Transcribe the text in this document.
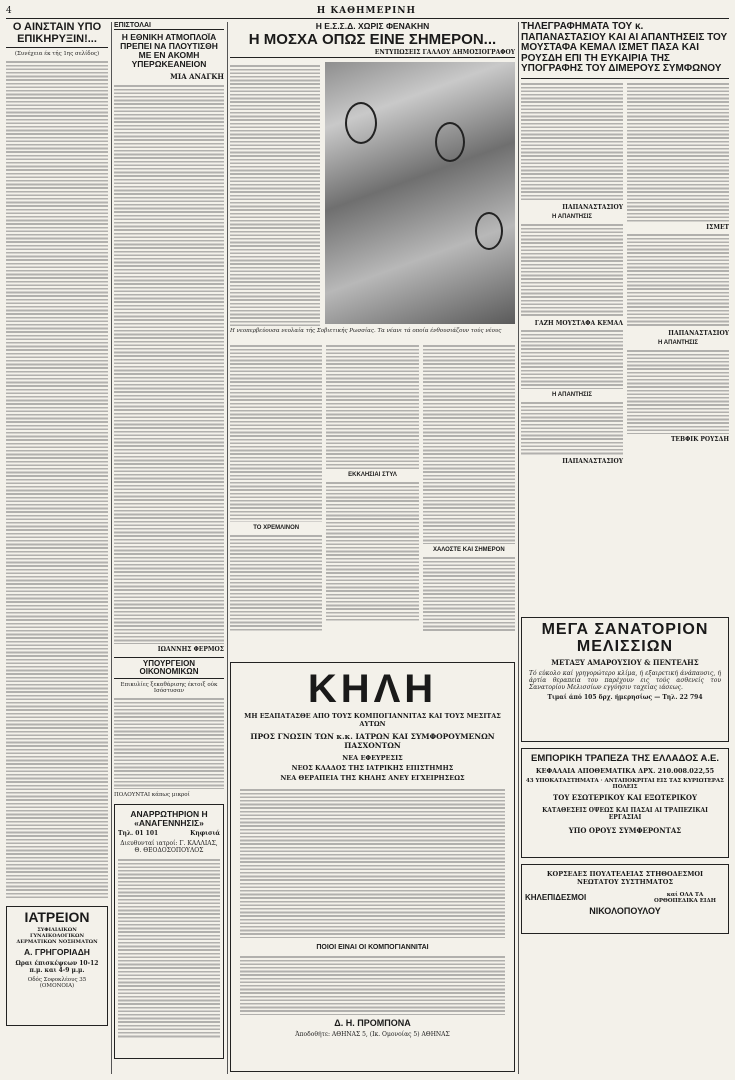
4	Η ΚΑΘΗΜΕΡΙΝΗ
Ο ΑΪΝΣΤΑΪΝ ΥΠΟ ΕΠΙΚΗΡΥΞΙΝ!...
(Συνέχεια έκ τής 1ης σελίδος)
ΙΑΤΡΕΙΟΝ
ΣΥΦΙΛΙΔΙΚΩΝ ΓΥΝΑΙΚΟΛΟΓΙΚΩΝ ΔΕΡΜΑΤΙΚΩΝ ΝΟΣΗΜΑΤΩΝ
Α. ΓΡΗΓΟΡΙΑΔΗ
Ωραι έπισκέψεων 10-12 π.μ. και 4-9 μ.μ.
Οδός Σοφοκλέους 35 (ΟΜΟΝΟΙΑ)
ΕΠΙΣΤΟΛΑΙ
Η ΕΘΝΙΚΗ ΑΤΜΟΠΛΟΪΑ ΠΡΕΠΕΙ ΝΑ ΠΛΟΥΤΙΣΘΗ ΜΕ ΕΝ ΑΚΟΜΗ ΥΠΕΡΩΚΕΑΝΕΙΟΝ
ΜΙΑ ΑΝΑΓΚΗ
ΙΩΑΝΝΗΣ ΦΕΡΜΟΣ
ΥΠΟΥΡΓΕΙΟΝ ΟΙΚΟΝΟΜΙΚΩΝ
Επικυλίες ξεκαθάρισης έκτοιξ ούκ Ισόστυσαν
ΠΟΛΟΥΝΤΑΙ κάπως μικροί
ΑΝΑΡΡΩΤΗΡΙΟΝ Η «ΑΝΑΓΕΝΝΗΣΙΣ»
Τηλ. 01 101	Κηφισιά
Διευθυνταί ιατροί: Γ. ΚΑΛΛΙΑΣ, Θ. ΘΕΟΔΟΣΟΠΟΥΛΟΣ
Η Ε.Σ.Σ.Δ. ΧΩΡΙΣ ΦΕΝΑΚΗΝ
Η ΜΟΣΧΑ ΟΠΩΣ ΕΙΝΕ ΣΗΜΕΡΟΝ...
ΕΝΤΥΠΩΣΕΙΣ ΓΑΛΛΟΥ ΔΗΜΟΣΙΟΓΡΑΦΟΥ
Η νεοπερβεύουσα νεολαία τής Σοβιετικής Ρωσσίας. Τα νέανι τά οποία ένθουσιάζουν τούς νέους
ΤΟ ΧΡΕΜΛΙΝΟΝ
ΕΚΚΛΗΣΙΑΙ ΣΤΥΛ
ΧΑΛΟΣΤΕ ΚΑΙ ΣΗΜΕΡΟΝ
ΚΗΛΗ
ΜΗ ΕΞΑΠΑΤΑΣΘΕ ΑΠΟ ΤΟΥΣ ΚΟΜΠΟΓΙΑΝΝΙΤΑΣ ΚΑΙ ΤΟΥΣ ΜΕΣΙΤΑΣ ΑΥΤΩΝ
ΠΡΟΣ ΓΝΩΣΙΝ ΤΩΝ κ.κ. ΙΑΤΡΩΝ ΚΑΙ ΣΥΜΦΟΡΟΥΜΕΝΩΝ ΠΑΣΧΟΝΤΩΝ
ΝΕΑ ΕΦΕΥΡΕΣΙΣ
ΝΕΟΣ ΚΛΑΔΟΣ ΤΗΣ ΙΑΤΡΙΚΗΣ ΕΠΙΣΤΗΜΗΣ
ΝΕΑ ΘΕΡΑΠΕΙΑ ΤΗΣ ΚΗΛΗΣ ΑΝΕΥ ΕΓΧΕΙΡΗΣΕΩΣ
ΠΟΙΟΙ ΕΙΝΑΙ ΟΙ ΚΟΜΠΟΓΙΑΝΝΙΤΑΙ
Δ. Η. ΠΡΟΜΠΟΝΑ
Άποδοθήτε: ΑΘΗΝΑΣ 5, (Ικ. Ομονοίας 5) ΑΘΗΝΑΣ
ΤΗΛΕΓΡΑΦΗΜΑΤΑ ΤΟΥ κ. ΠΑΠΑΝΑΣΤΑΣΙΟΥ ΚΑΙ ΑΙ ΑΠΑΝΤΗΣΕΙΣ ΤΟΥ ΜΟΥΣΤΑΦΑ ΚΕΜΑΛ ΙΣΜΕΤ ΠΑΣΑ ΚΑΙ ΡΟΥΣΔΗ ΕΠΙ ΤΗ ΕΥΚΑΙΡΙΑ ΤΗΣ ΥΠΟΓΡΑΦΗΣ ΤΟΥ ΔΙΜΕΡΟΥΣ ΣΥΜΦΩΝΟΥ
ΠΑΠΑΝΑΣΤΑΣΙΟΥ
Η ΑΠΑΝΤΗΣΙΣ
ΓΑΖΗ ΜΟΥΣΤΑΦΑ ΚΕΜΑΛ
Η ΑΠΑΝΤΗΣΙΣ
ΠΑΠΑΝΑΣΤΑΣΙΟΥ
ΙΣΜΕΤ
ΠΑΠΑΝΑΣΤΑΣΙΟΥ
Η ΑΠΑΝΤΗΣΙΣ
ΤΕΒΦΙΚ ΡΟΥΣΔΗ
ΜΕΓΑ ΣΑΝΑΤΟΡΙΟΝ ΜΕΛΙΣΣΙΩΝ
ΜΕΤΑΞΥ ΑΜΑΡΟΥΣΙΟΥ & ΠΕΝΤΕΛΗΣ
Τό εύκολο καί γρηγορώτερο κλίμα, ή εξαιρετική άνάπαυσις, ή άρτία θεραπεία του παρέχουν εις τούς ασθενείς του Σανατορίου Μελισσίων εγγύησιν ταχείας ιάσεως.
Τιμαί άπό 105 δρχ. ήμερησίως — Τηλ. 22 794
ΕΜΠΟΡΙΚΗ ΤΡΑΠΕΖΑ ΤΗΣ ΕΛΛΑΔΟΣ Α.Ε.
ΚΕΦΑΛΑΙΑ ΑΠΟΘΕΜΑΤΙΚΑ ΔΡΧ. 210.008.022,55
43 ΥΠΟΚΑΤΑΣΤΗΜΑΤΑ · ΑΝΤΑΠΟΚΡΙΤΑΙ ΕΙΣ ΤΑΣ ΚΥΡΙΩΤΕΡΑΣ ΠΟΛΕΙΣ
ΤΟΥ ΕΣΩΤΕΡΙΚΟΥ ΚΑΙ ΕΞΩΤΕΡΙΚΟΥ
ΚΑΤΑΘΕΣΕΙΣ ΟΨΕΩΣ ΚΑΙ ΠΑΣΑΙ ΑΙ ΤΡΑΠΕΖΙΚΑΙ ΕΡΓΑΣΙΑΙ
ΥΠΟ ΟΡΟΥΣ ΣΥΜΦΕΡΟΝΤΑΣ
ΚΟΡΣΕΔΕΣ ΠΟΥΛΤΕΛΕΙΑΣ ΣΤΗΘΟΔΕΣΜΟΙ ΝΕΩΤΑΤΟΥ ΣΥΣΤΗΜΑΤΟΣ
ΚΗΛΕΠΙΔΕΣΜΟΙ	καί ΟΛΑ ΤΑ ΟΡΘΟΠΕΔΙΚΑ ΕΙΔΗ
ΝΙΚΟΛΟΠΟΥΛΟΥ
